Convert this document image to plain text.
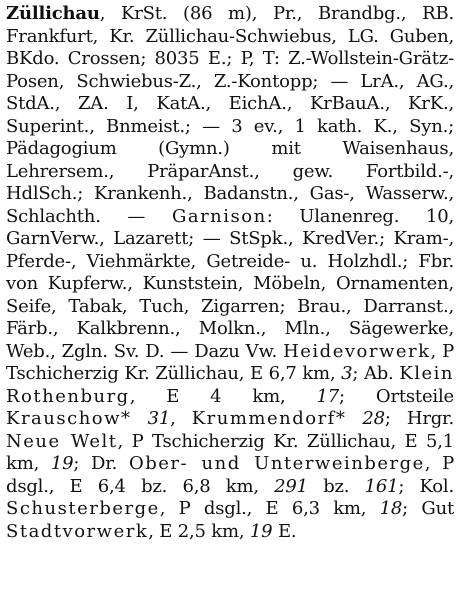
Züllichau, KrSt. (86 m), Pr., Brandbg., RB. Frankfurt, Kr. Züllichau-Schwiebus, LG. Guben, BKdo. Crossen; 8035 E.; P, T: Z.-Wollstein-Grätz-Posen, Schwiebus-Z., Z.-Kontopp; — LrA., AG., StdA., ZA. I, KatA., EichA., KrBauA., KrK., Superint., Bnmeist.; — 3 ev., 1 kath. K., Syn.; Pädagogium (Gymn.) mit Waisenhaus, Lehrersem., PräparAnst., gew. Fortbild.-, HdlSch.; Krankenh., Badanstn., Gas-, Wasserw., Schlachth. — Garnison: Ulanenreg. 10, GarnVerw., Lazarett; — StSpk., KredVer.; Kram-, Pferde-, Viehmärkte, Getreide- u. Holzhdl.; Fbr. von Kupferw., Kunststein, Möbeln, Ornamenten, Seife, Tabak, Tuch, Zigarren; Brau., Darranst., Färb., Kalkbrenn., Molkn., Mln., Sägewerke, Web., Zgln. Sv. D. — Dazu Vw. Heidevorwerk, P Tschicherzig Kr. Züllichau, E 6,7 km, 3; Ab. Klein Rothenburg, E 4 km, 17; Ortsteile Krauschow* 31, Krummendorf* 28; Hrgr. Neue Welt, P Tschicherzig Kr. Züllichau, E 5,1 km, 19; Dr. Ober- und Unterweinberge, P dsgl., E 6,4 bz. 6,8 km, 291 bz. 161; Kol. Schusterberge, P dsgl., E 6,3 km, 18; Gut Stadtvorwerk, E 2,5 km, 19 E.
